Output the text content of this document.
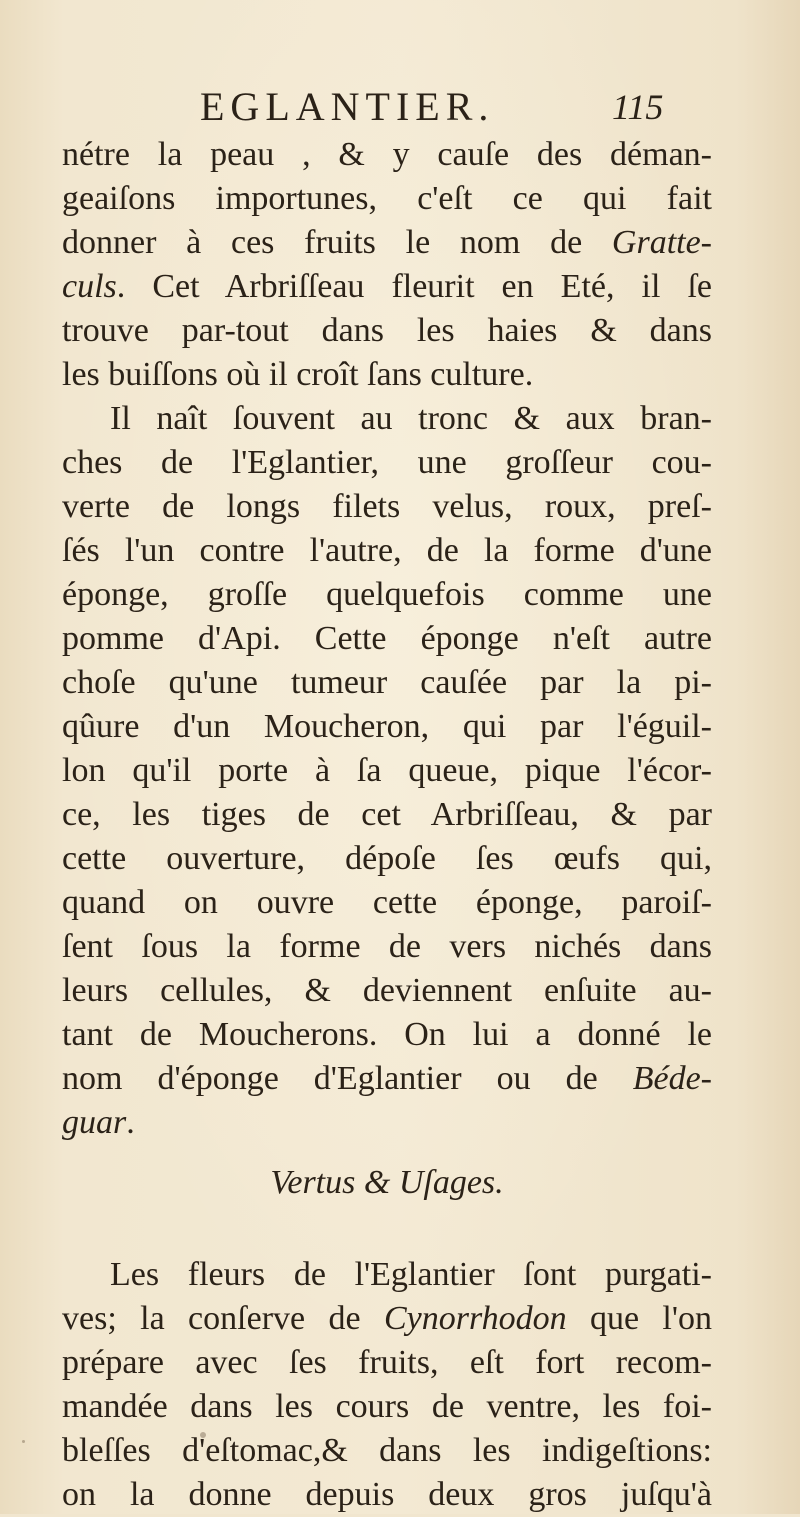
EGLANTIER.	115
nétre la peau , & y cauſe des déman-
geaiſons importunes, c'eſt ce qui fait
donner à ces fruits le nom de Gratte-
culs. Cet Arbriſſeau fleurit en Eté, il ſe
trouve par-tout dans les haies & dans
les buiſſons où il croît ſans culture.
Il naît ſouvent au tronc & aux bran-
ches de l'Eglantier, une groſſeur cou-
verte de longs filets velus, roux, preſ-
ſés l'un contre l'autre, de la forme d'une
éponge, groſſe quelquefois comme une
pomme d'Api. Cette éponge n'eſt autre
choſe qu'une tumeur cauſée par la pi-
qûure d'un Moucheron, qui par l'éguil-
lon qu'il porte à ſa queue, pique l'écor-
ce, les tiges de cet Arbriſſeau, & par
cette ouverture, dépoſe ſes œufs qui,
quand on ouvre cette éponge, paroiſ-
ſent ſous la forme de vers nichés dans
leurs cellules, & deviennent enſuite au-
tant de Moucherons. On lui a donné le
nom d'éponge d'Eglantier ou de Béde-
guar.
Vertus & Uſages.
Les fleurs de l'Eglantier ſont purgati-
ves; la conſerve de Cynorrhodon que l'on
prépare avec ſes fruits, eſt fort recom-
mandée dans les cours de ventre, les foi-
bleſſes d'eſtomac,& dans les indigeſtions:
on la donne depuis deux gros juſqu'à
